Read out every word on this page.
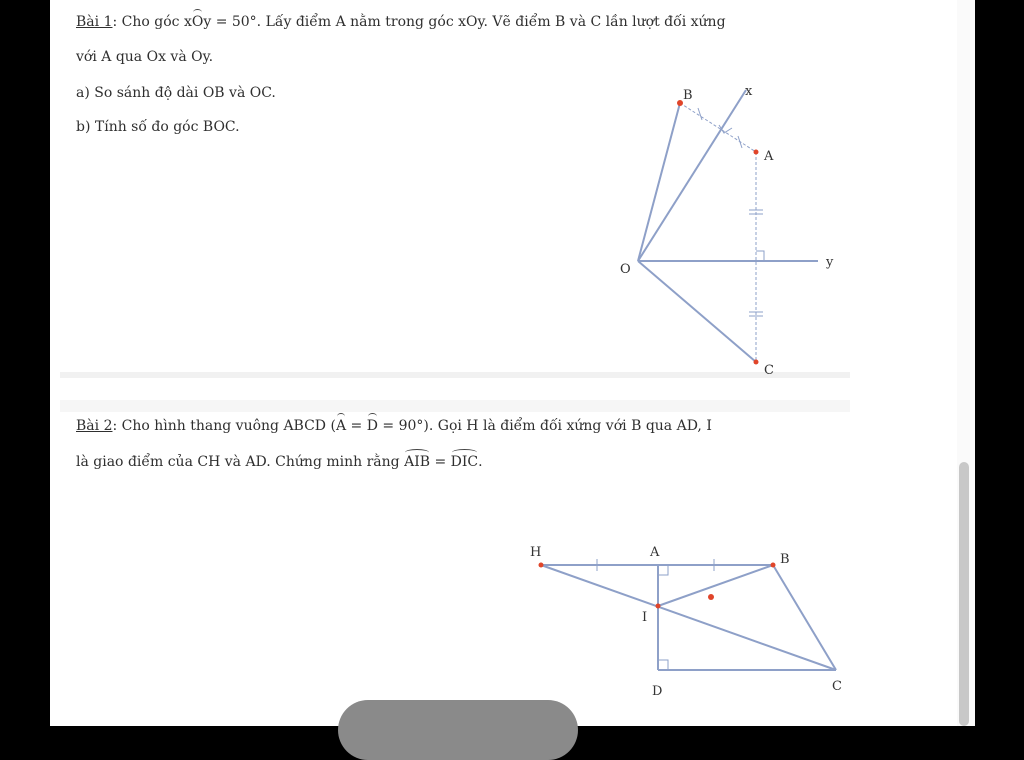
Bài 1: Cho góc xOy = 50°. Lấy điểm A nằm trong góc xOy. Vẽ điểm B và C lần lượt đối xứng
với A qua Ox và Oy.
a) So sánh độ dài OB và OC.
b) Tính số đo góc BOC.
Bài 2: Cho hình thang vuông ABCD (A = D = 90°). Gọi H là điểm đối xứng với B qua AD, I
là giao điểm của CH và AD. Chứng minh rằng AIB = DIC.
B	x
A
O	y
C
H	A	B
I
D	C
